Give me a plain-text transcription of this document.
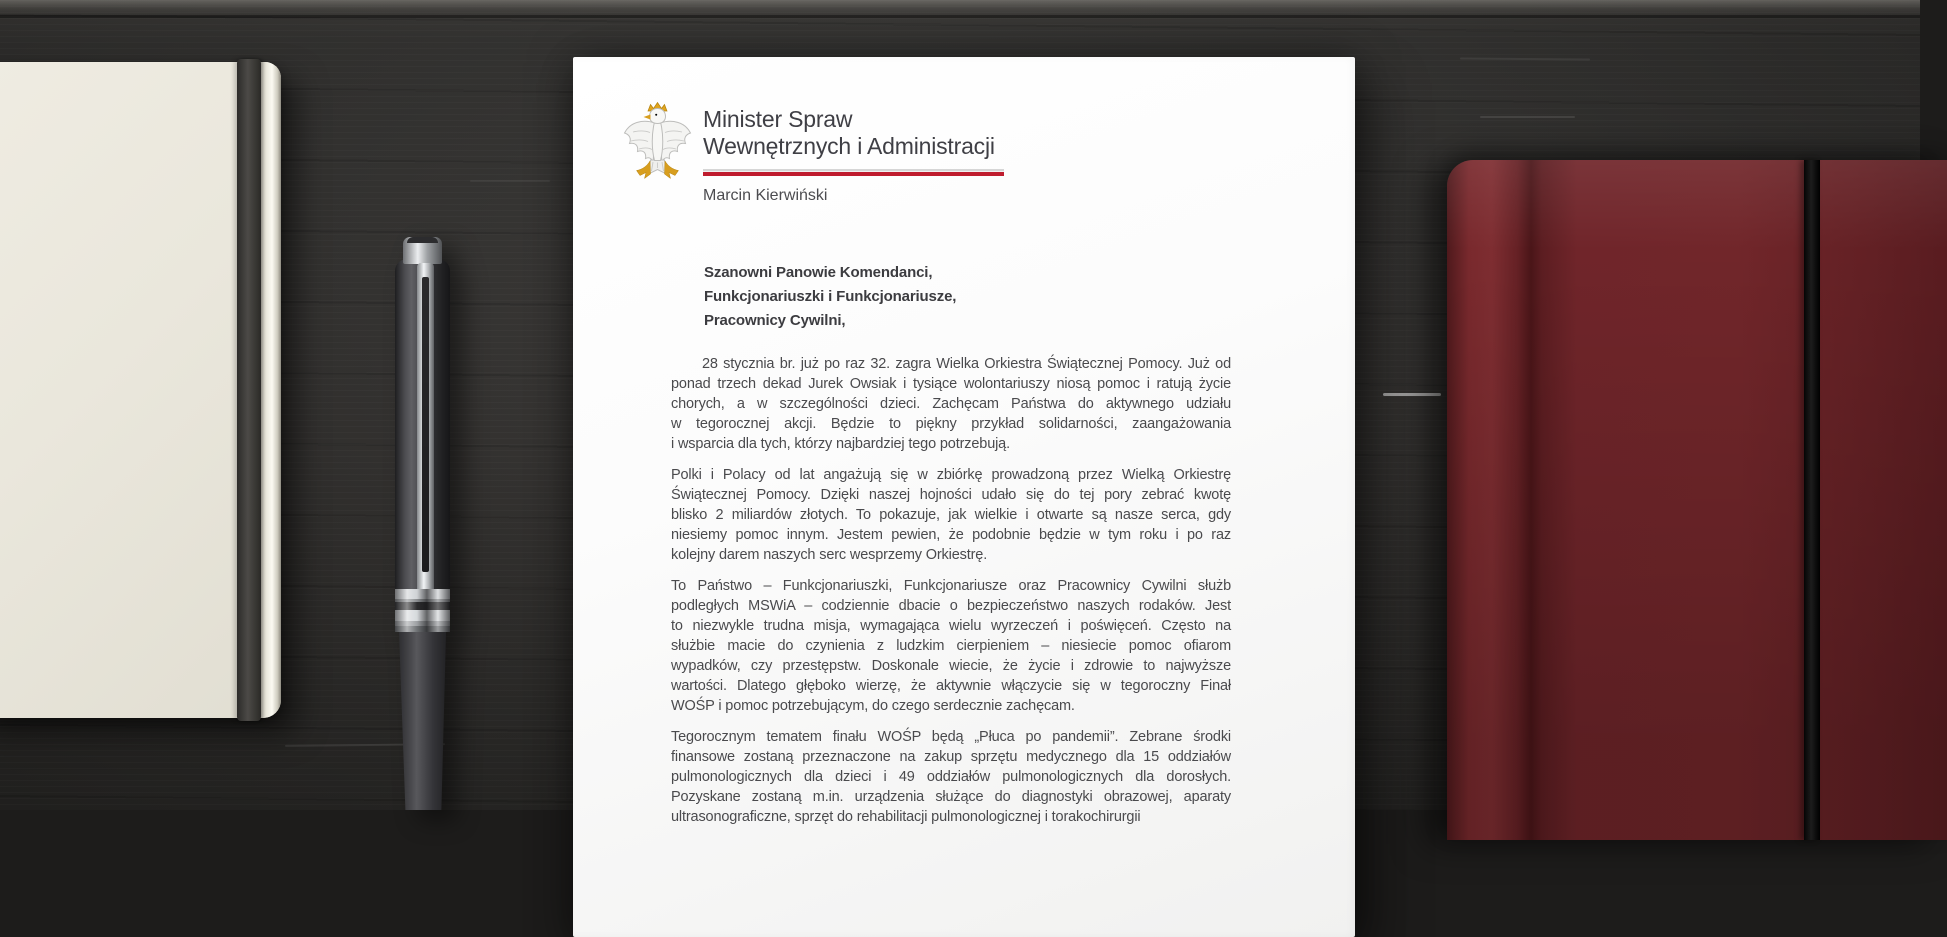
Minister Spraw
Wewnętrznych i Administracji
Marcin Kierwiński
Szanowni Panowie Komendanci,
Funkcjonariuszki i Funkcjonariusze,
Pracownicy Cywilni,
28 stycznia br. już po raz 32. zagra Wielka Orkiestra Świątecznej Pomocy. Już od
ponad trzech dekad Jurek Owsiak i tysiące wolontariuszy niosą pomoc i ratują życie
chorych, a w szczególności dzieci. Zachęcam Państwa do aktywnego udziału
w tegorocznej akcji. Będzie to piękny przykład solidarności, zaangażowania
i wsparcia dla tych, którzy najbardziej tego potrzebują.
Polki i Polacy od lat angażują się w zbiórkę prowadzoną przez Wielką Orkiestrę
Świątecznej Pomocy. Dzięki naszej hojności udało się do tej pory zebrać kwotę
blisko 2 miliardów złotych. To pokazuje, jak wielkie i otwarte są nasze serca, gdy
niesiemy pomoc innym. Jestem pewien, że podobnie będzie w tym roku i po raz
kolejny darem naszych serc wesprzemy Orkiestrę.
To Państwo – Funkcjonariuszki, Funkcjonariusze oraz Pracownicy Cywilni służb
podległych MSWiA – codziennie dbacie o bezpieczeństwo naszych rodaków. Jest
to niezwykle trudna misja, wymagająca wielu wyrzeczeń i poświęceń. Często na
służbie macie do czynienia z ludzkim cierpieniem – niesiecie pomoc ofiarom
wypadków, czy przestępstw. Doskonale wiecie, że życie i zdrowie to najwyższe
wartości. Dlatego głęboko wierzę, że aktywnie włączycie się w tegoroczny Finał
WOŚP i pomoc potrzebującym, do czego serdecznie zachęcam.
Tegorocznym tematem finału WOŚP będą „Płuca po pandemii”. Zebrane środki
finansowe zostaną przeznaczone na zakup sprzętu medycznego dla 15 oddziałów
pulmonologicznych dla dzieci i 49 oddziałów pulmonologicznych dla dorosłych.
Pozyskane zostaną m.in. urządzenia służące do diagnostyki obrazowej, aparaty
ultrasonograficzne, sprzęt do rehabilitacji pulmonologicznej i torakochirurgii
